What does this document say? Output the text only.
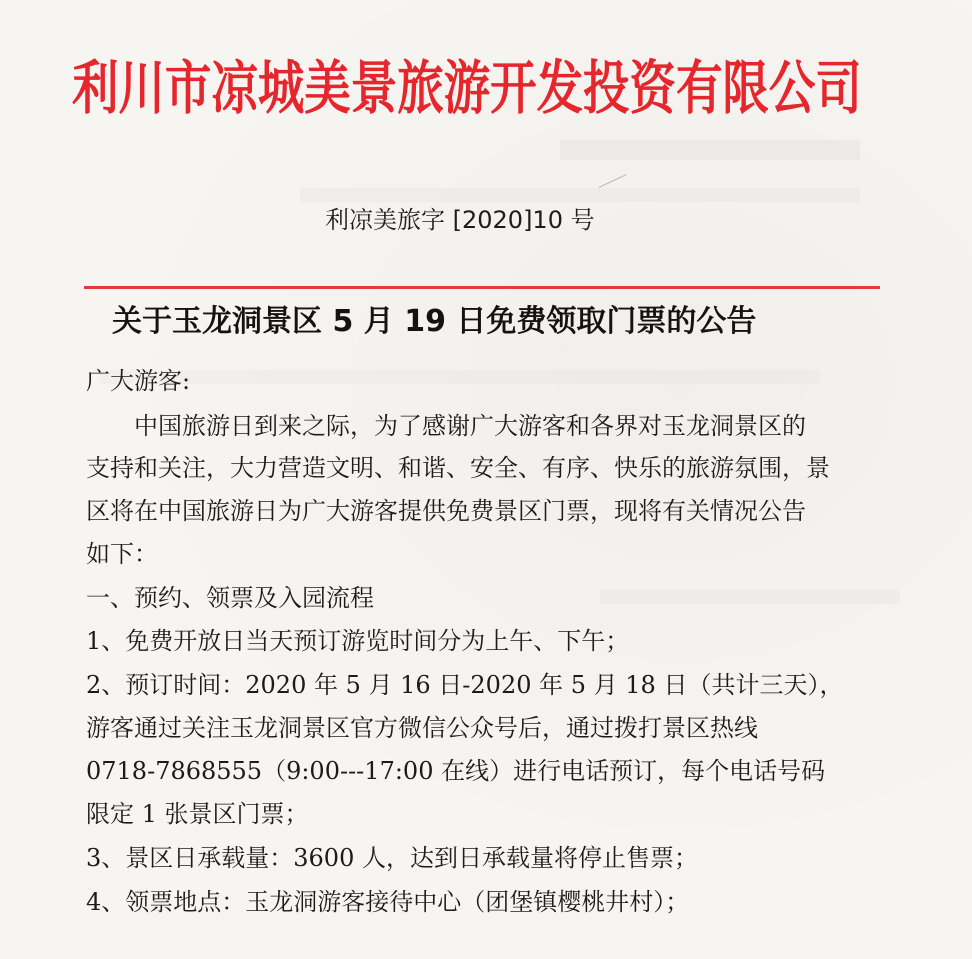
利川市凉城美景旅游开发投资有限公司
利凉美旅字 [2020]10 号
关于玉龙洞景区 5 月 19 日免费领取门票的公告
广大游客:
中国旅游日到来之际，为了感谢广大游客和各界对玉龙洞景区的
支持和关注，大力营造文明、和谐、安全、有序、快乐的旅游氛围，景
区将在中国旅游日为广大游客提供免费景区门票，现将有关情况公告
如下：
一、预约、领票及入园流程
1、免费开放日当天预订游览时间分为上午、下午；
2、预订时间：2020 年 5 月 16 日-2020 年 5 月 18 日（共计三天），
游客通过关注玉龙洞景区官方微信公众号后，通过拨打景区热线
0718-7868555（9:00---17:00 在线）进行电话预订，每个电话号码
限定 1 张景区门票；
3、景区日承载量：3600 人，达到日承载量将停止售票；
4、领票地点：玉龙洞游客接待中心（团堡镇樱桃井村）；
